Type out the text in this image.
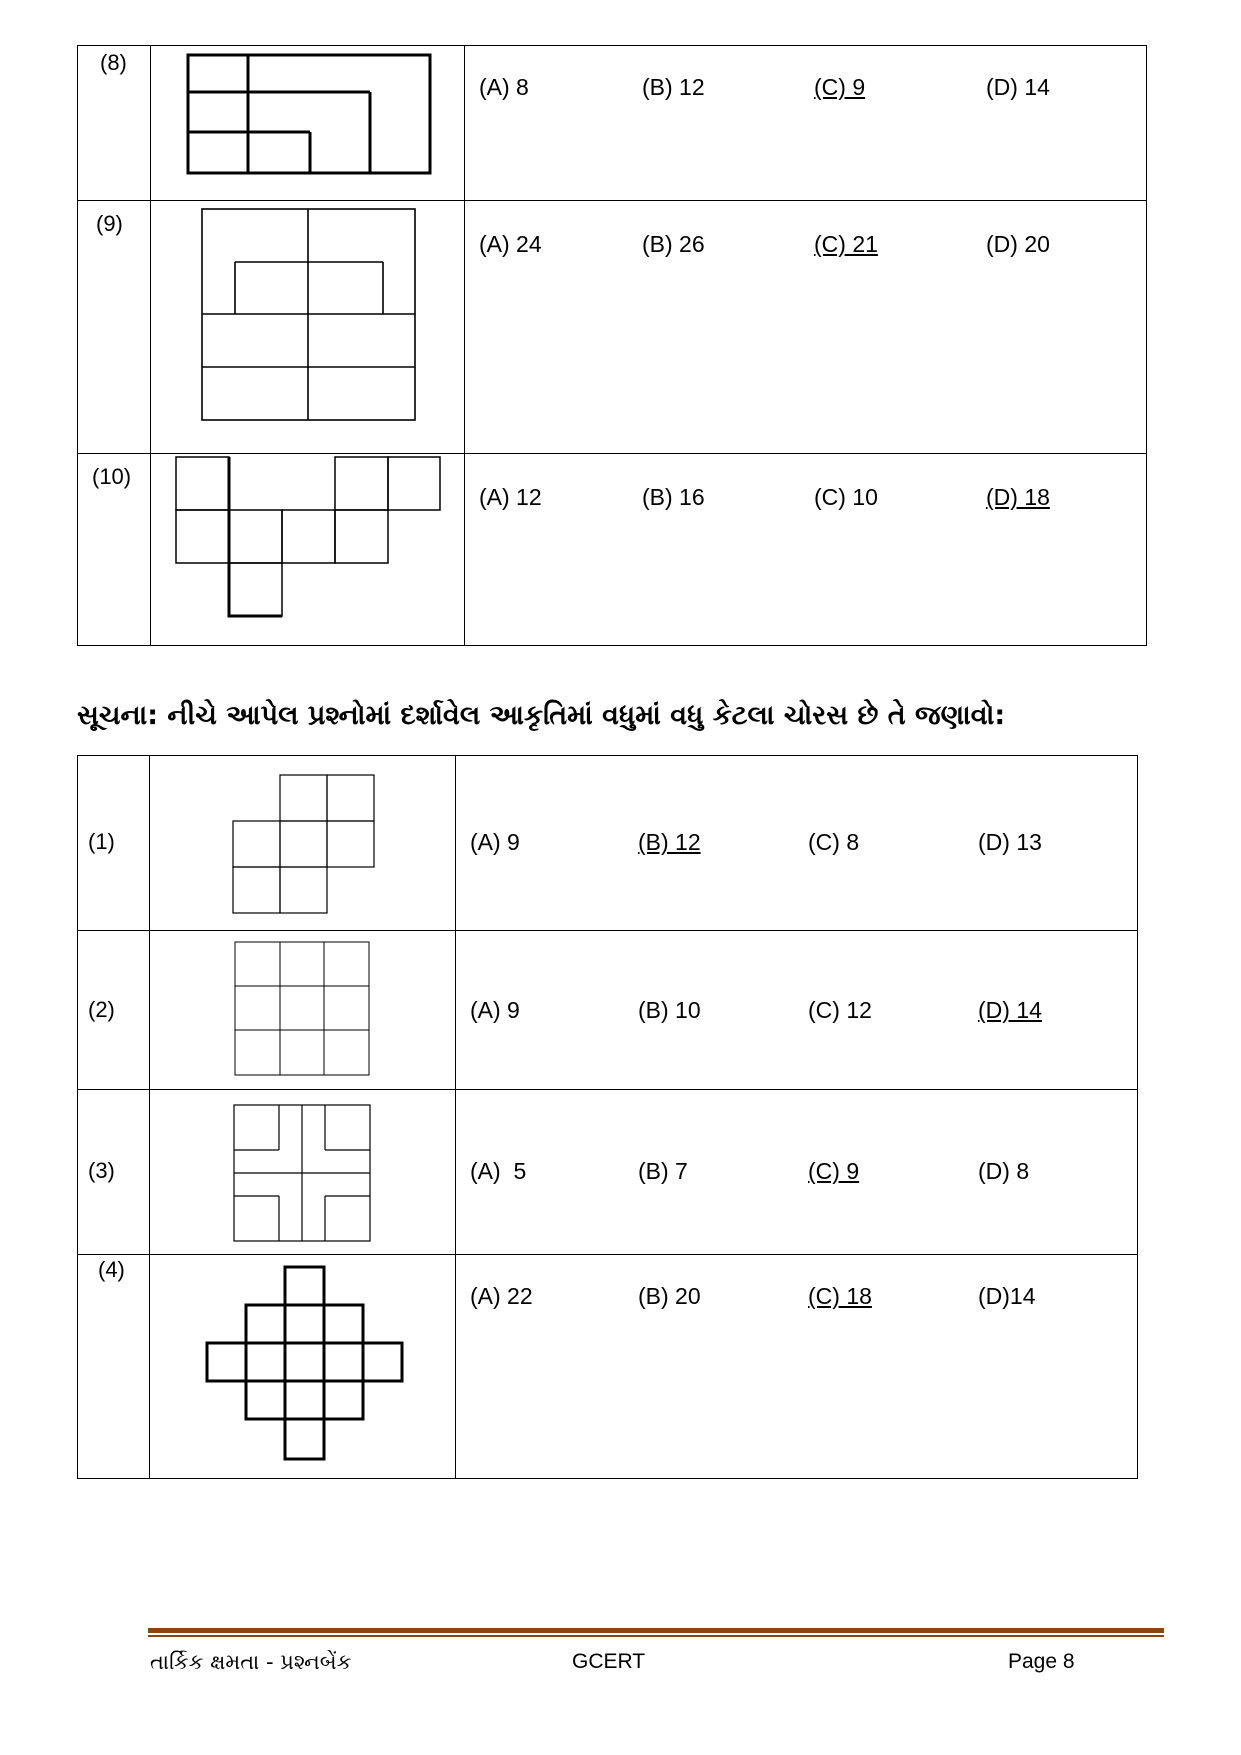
(8)		(A) 8 (B) 12 (C) 9 (D) 14

(9)		(A) 24 (B) 26 (C) 21 (D) 20

(10)		(A) 12 (B) 16 (C) 10 (D) 18
સૂચના: નીચે આપેલ પ્રશ્નોમાં દર્શાવેલ આકૃતિમાં વધુમાં વધુ કેટલા ચોરસ છે તે જણાવો:
(1)		(A) 9 (B) 12 (C) 8 (D) 13

(2)		(A) 9 (B) 10 (C) 12 (D) 14

(3)		(A)  5 (B) 7 (C) 9 (D) 8

(4)		(A) 22 (B) 20 (C) 18 (D)14
તાર્કિક ક્ષમતા - પ્રશ્નબેંક	GCERT	Page 8
